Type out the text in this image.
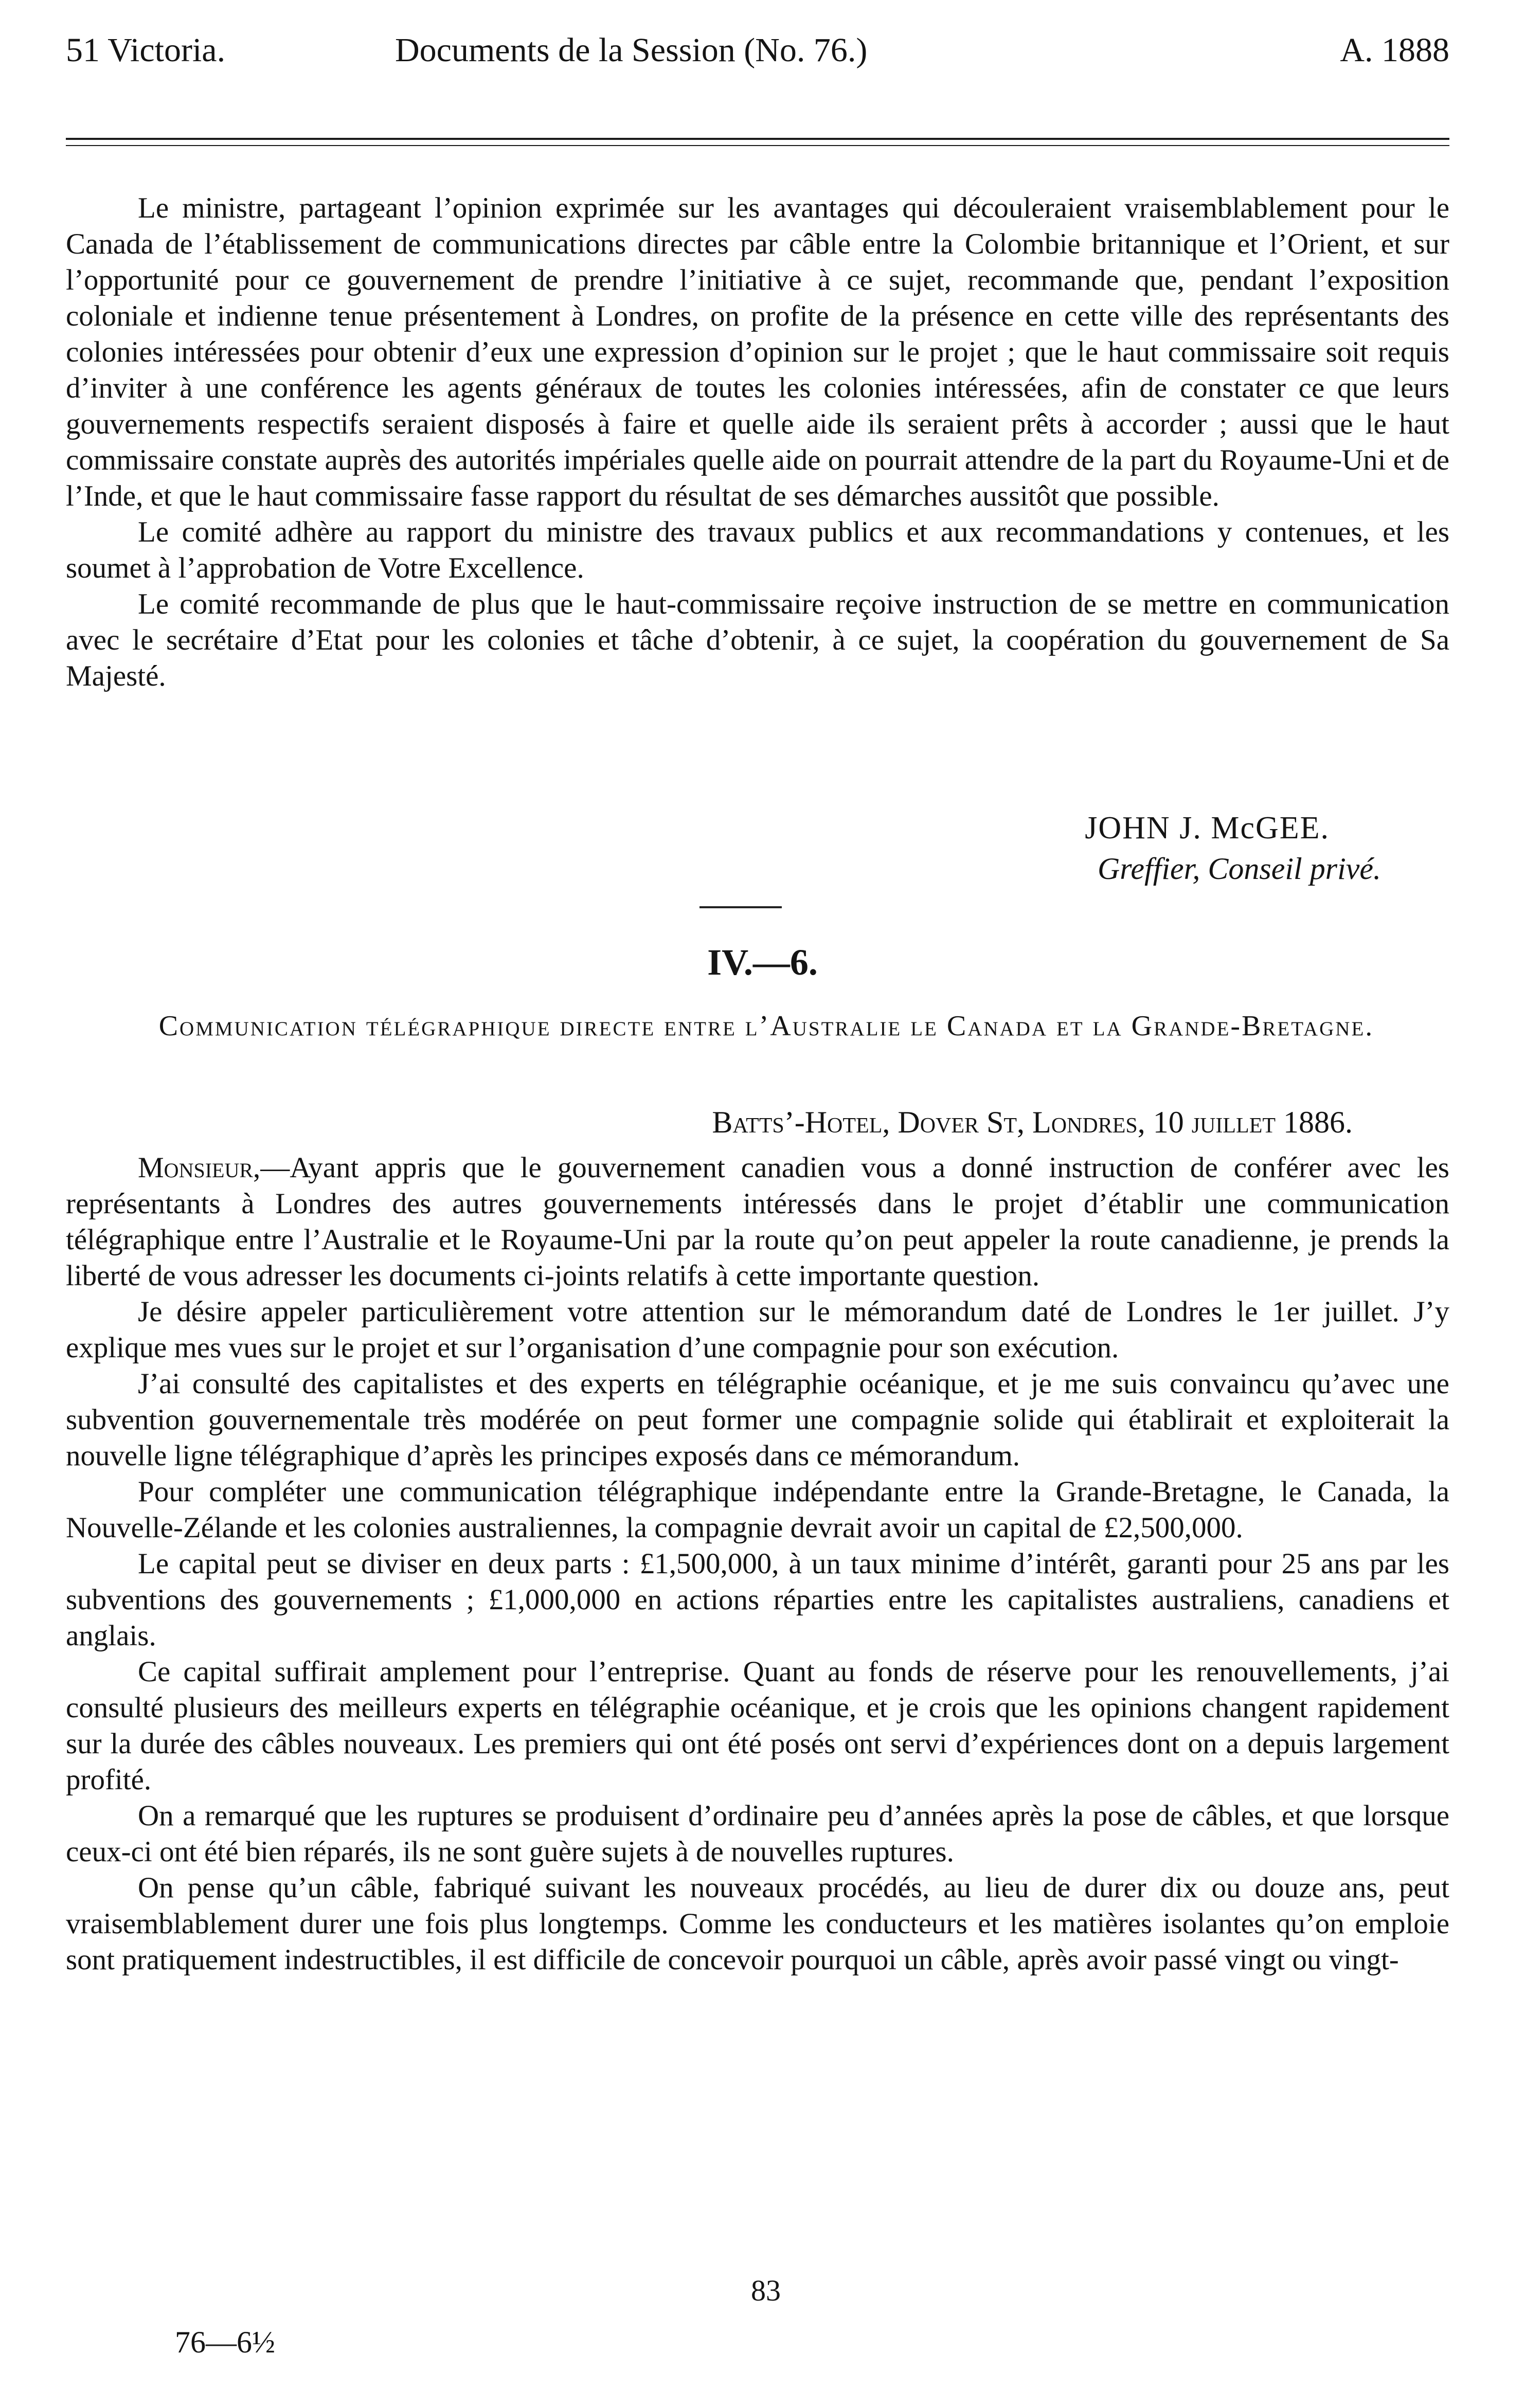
51 Victoria.	Documents de la Session (No. 76.)	A. 1888

Le ministre, partageant l’opinion exprimée sur les avantages qui découleraient vraisemblablement pour le Canada de l’établissement de communications directes par câble entre la Colombie britannique et l’Orient, et sur l’opportunité pour ce gouvernement de prendre l’initiative à ce sujet, recommande que, pendant l’exposition coloniale et indienne tenue présentement à Londres, on profite de la présence en cette ville des représentants des colonies intéressées pour obtenir d’eux une expression d’opinion sur le projet ; que le haut commissaire soit requis d’inviter à une conférence les agents généraux de toutes les colonies intéressées, afin de constater ce que leurs gouvernements respectifs seraient disposés à faire et quelle aide ils seraient prêts à accorder ; aussi que le haut commissaire constate auprès des autorités impériales quelle aide on pourrait attendre de la part du Royaume-Uni et de l’Inde, et que le haut commissaire fasse rapport du résultat de ses démarches aussitôt que possible.

Le comité adhère au rapport du ministre des travaux publics et aux recommandations y contenues, et les soumet à l’approbation de Votre Excellence.

Le comité recommande de plus que le haut-commissaire reçoive instruction de se mettre en communication avec le secrétaire d’Etat pour les colonies et tâche d’obtenir, à ce sujet, la coopération du gouvernement de Sa Majesté.

JOHN J. McGEE.
Greffier, Conseil privé.
IV.—6.
Communication télégraphique directe entre l’Australie le Canada et la Grande-Bretagne.
Batts’-Hotel, Dover St, Londres, 10 juillet 1886.

Monsieur,—Ayant appris que le gouvernement canadien vous a donné instruction de conférer avec les représentants à Londres des autres gouvernements intéressés dans le projet d’établir une communication télégraphique entre l’Australie et le Royaume-Uni par la route qu’on peut appeler la route canadienne, je prends la liberté de vous adresser les documents ci-joints relatifs à cette importante question.

Je désire appeler particulièrement votre attention sur le mémorandum daté de Londres le 1er juillet. J’y explique mes vues sur le projet et sur l’organisation d’une compagnie pour son exécution.

J’ai consulté des capitalistes et des experts en télégraphie océanique, et je me suis convaincu qu’avec une subvention gouvernementale très modérée on peut former une compagnie solide qui établirait et exploiterait la nouvelle ligne télégraphique d’après les principes exposés dans ce mémorandum.

Pour compléter une communication télégraphique indépendante entre la Grande-Bretagne, le Canada, la Nouvelle-Zélande et les colonies australiennes, la compagnie devrait avoir un capital de £2,500,000.

Le capital peut se diviser en deux parts : £1,500,000, à un taux minime d’intérêt, garanti pour 25 ans par les subventions des gouvernements ; £1,000,000 en actions réparties entre les capitalistes australiens, canadiens et anglais.

Ce capital suffirait amplement pour l’entreprise. Quant au fonds de réserve pour les renouvellements, j’ai consulté plusieurs des meilleurs experts en télégraphie océanique, et je crois que les opinions changent rapidement sur la durée des câbles nouveaux. Les premiers qui ont été posés ont servi d’expériences dont on a depuis largement profité.

On a remarqué que les ruptures se produisent d’ordinaire peu d’années après la pose de câbles, et que lorsque ceux-ci ont été bien réparés, ils ne sont guère sujets à de nouvelles ruptures.

On pense qu’un câble, fabriqué suivant les nouveaux procédés, au lieu de durer dix ou douze ans, peut vraisemblablement durer une fois plus longtemps. Comme les conducteurs et les matières isolantes qu’on emploie sont pratiquement indestructibles, il est difficile de concevoir pourquoi un câble, après avoir passé vingt ou vingt-

83
76—6½
